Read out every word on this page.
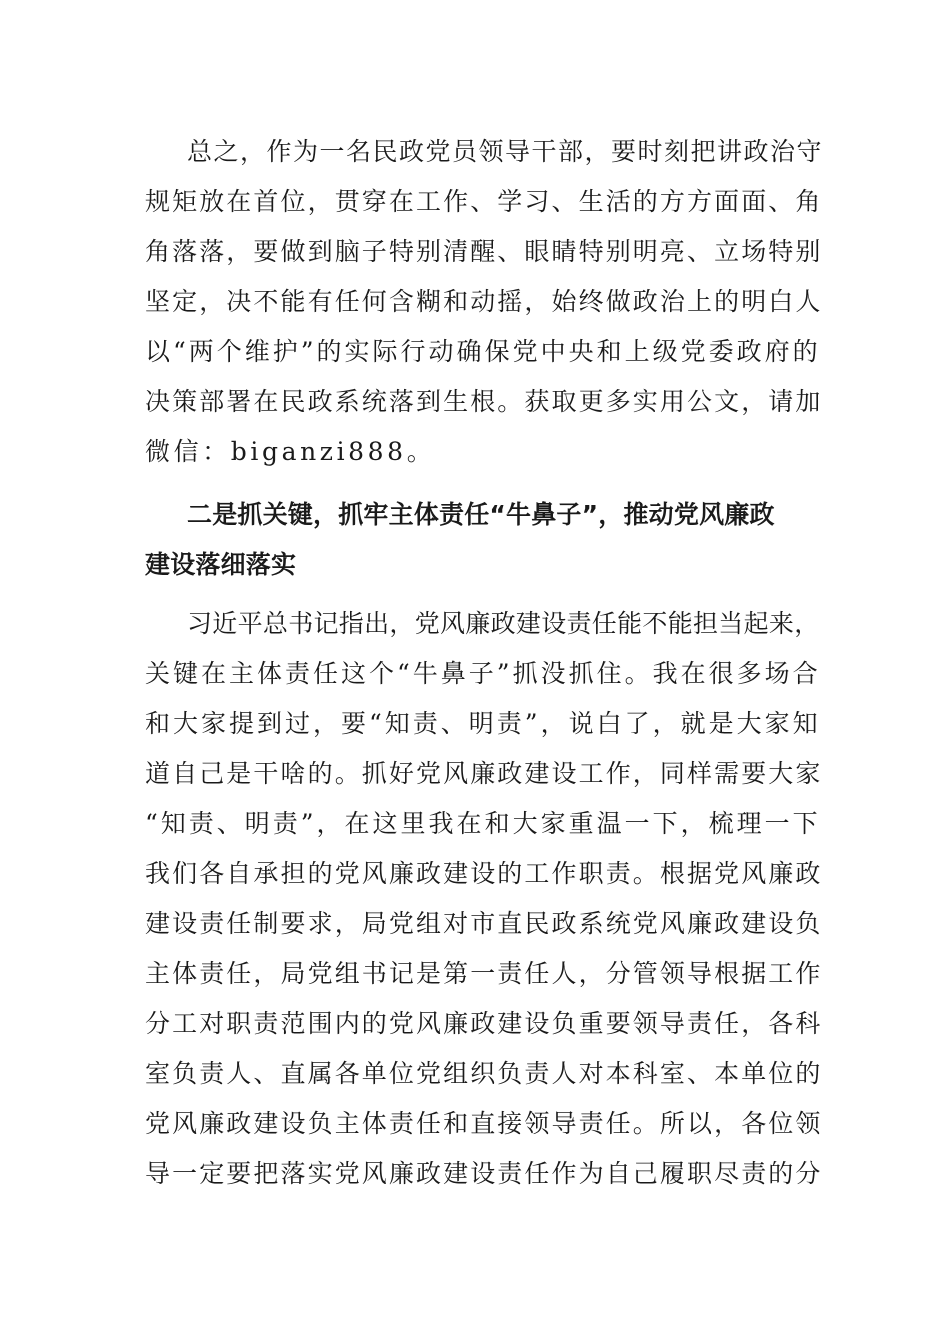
总之，作为一名民政党员领导干部，要时刻把讲政治守
规矩放在首位，贯穿在工作、学习、生活的方方面面、角
角落落，要做到脑子特别清醒、眼睛特别明亮、立场特别
坚定，决不能有任何含糊和动摇，始终做政治上的明白人
以“两个维护”的实际行动确保党中央和上级党委政府的
决策部署在民政系统落到生根。获取更多实用公文，请加
微信：biganzi888。
二是抓关键，抓牢主体责任“牛鼻子”，推动党风廉政
建设落细落实
习近平总书记指出，党风廉政建设责任能不能担当起来，
关键在主体责任这个“牛鼻子”抓没抓住。我在很多场合
和大家提到过，要“知责、明责”，说白了，就是大家知
道自己是干啥的。抓好党风廉政建设工作，同样需要大家
“知责、明责”，在这里我在和大家重温一下，梳理一下
我们各自承担的党风廉政建设的工作职责。根据党风廉政
建设责任制要求，局党组对市直民政系统党风廉政建设负
主体责任，局党组书记是第一责任人，分管领导根据工作
分工对职责范围内的党风廉政建设负重要领导责任，各科
室负责人、直属各单位党组织负责人对本科室、本单位的
党风廉政建设负主体责任和直接领导责任。所以，各位领
导一定要把落实党风廉政建设责任作为自己履职尽责的分
